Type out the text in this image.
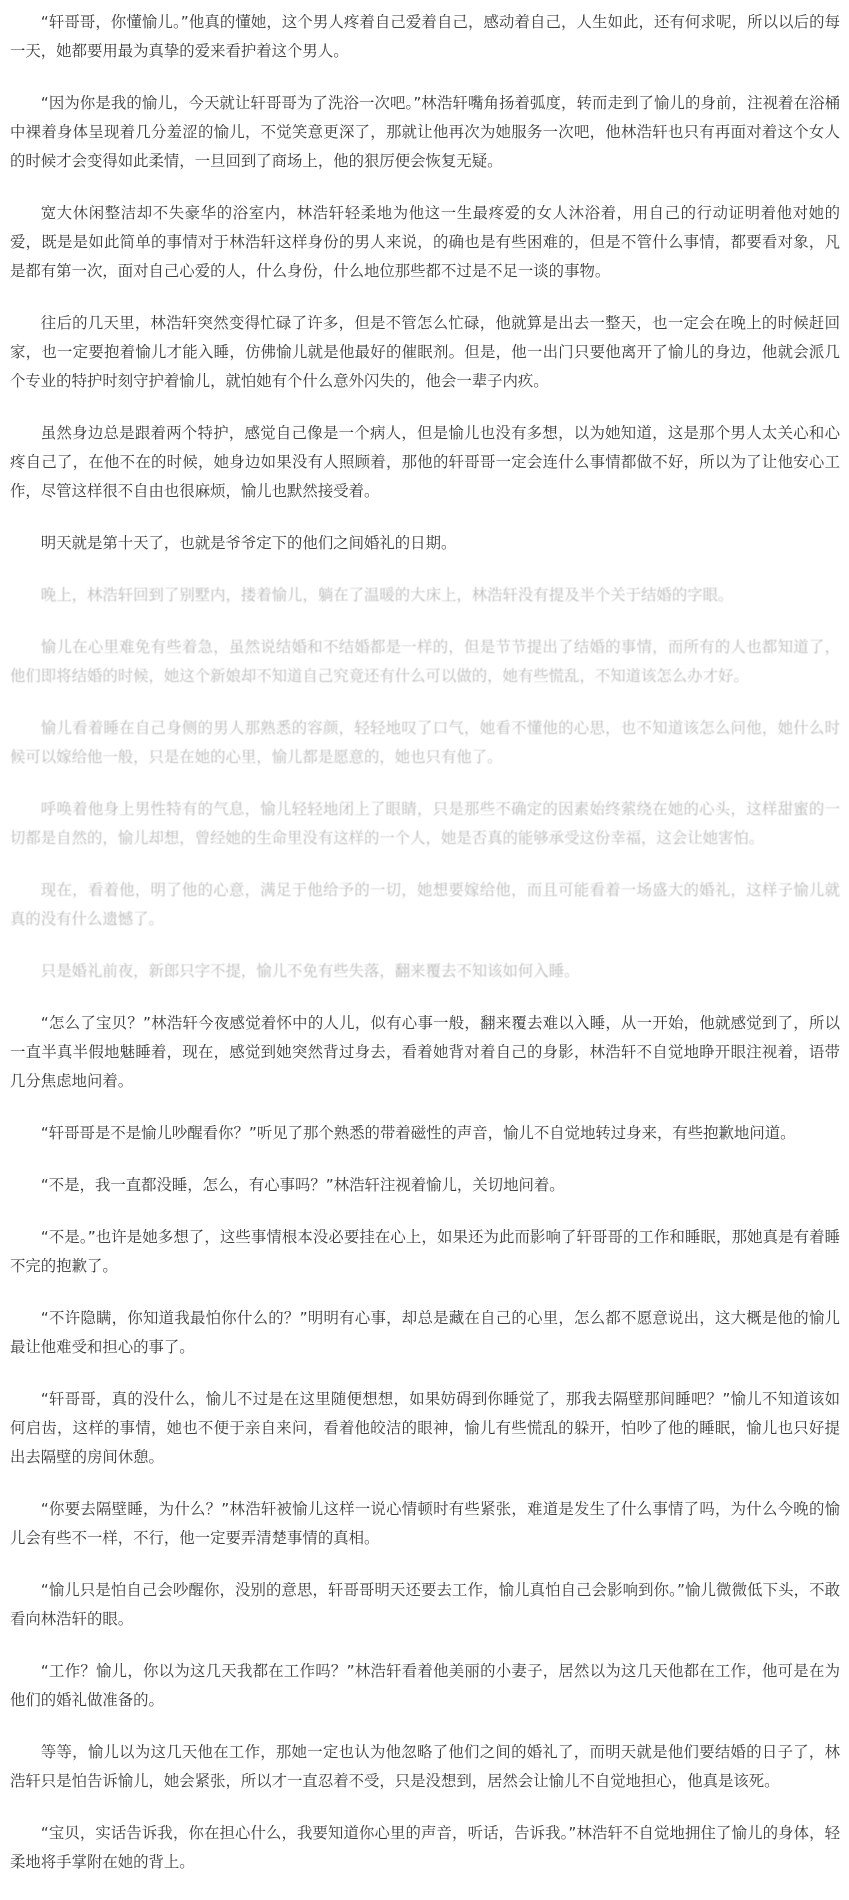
“轩哥哥，你懂愉儿。”他真的懂她，这个男人疼着自己爱着自己，感动着自己，人生如此，还有何求呢，所以以后的每一天，她都要用最为真挚的爱来看护着这个男人。

“因为你是我的愉儿，今天就让轩哥哥为了洗浴一次吧。”林浩轩嘴角扬着弧度，转而走到了愉儿的身前，注视着在浴桶中裸着身体呈现着几分羞涩的愉儿，不觉笑意更深了，那就让他再次为她服务一次吧，他林浩轩也只有再面对着这个女人的时候才会变得如此柔情，一旦回到了商场上，他的狠厉便会恢复无疑。

宽大休闲整洁却不失豪华的浴室内，林浩轩轻柔地为他这一生最疼爱的女人沐浴着，用自己的行动证明着他对她的爱，既是是如此简单的事情对于林浩轩这样身份的男人来说，的确也是有些困难的，但是不管什么事情，都要看对象，凡是都有第一次，面对自己心爱的人，什么身份，什么地位那些都不过是不足一谈的事物。

往后的几天里，林浩轩突然变得忙碌了许多，但是不管怎么忙碌，他就算是出去一整天，也一定会在晚上的时候赶回家，也一定要抱着愉儿才能入睡，仿佛愉儿就是他最好的催眠剂。但是，他一出门只要他离开了愉儿的身边，他就会派几个专业的特护时刻守护着愉儿，就怕她有个什么意外闪失的，他会一辈子内疚。

虽然身边总是跟着两个特护，感觉自己像是一个病人，但是愉儿也没有多想，以为她知道，这是那个男人太关心和心疼自己了，在他不在的时候，她身边如果没有人照顾着，那他的轩哥哥一定会连什么事情都做不好，所以为了让他安心工作，尽管这样很不自由也很麻烦，愉儿也默然接受着。

明天就是第十天了，也就是爷爷定下的他们之间婚礼的日期。

晚上，林浩轩回到了别墅内，搂着愉儿，躺在了温暖的大床上，林浩轩没有提及半个关于结婚的字眼。

愉儿在心里难免有些着急，虽然说结婚和不结婚都是一样的，但是节节提出了结婚的事情，而所有的人也都知道了，他们即将结婚的时候，她这个新娘却不知道自己究竟还有什么可以做的，她有些慌乱，不知道该怎么办才好。

愉儿看着睡在自己身侧的男人那熟悉的容颜，轻轻地叹了口气，她看不懂他的心思，也不知道该怎么问他，她什么时候可以嫁给他一般，只是在她的心里，愉儿都是愿意的，她也只有他了。

呼唤着他身上男性特有的气息，愉儿轻轻地闭上了眼睛，只是那些不确定的因素始终萦绕在她的心头，这样甜蜜的一切都是自然的，愉儿却想，曾经她的生命里没有这样的一个人，她是否真的能够承受这份幸福，这会让她害怕。

现在，看着他，明了他的心意，满足于他给予的一切，她想要嫁给他，而且可能看着一场盛大的婚礼，这样子愉儿就真的没有什么遗憾了。

只是婚礼前夜，新郎只字不提，愉儿不免有些失落，翻来覆去不知该如何入睡。

“怎么了宝贝？”林浩轩今夜感觉着怀中的人儿，似有心事一般，翻来覆去难以入睡，从一开始，他就感觉到了，所以一直半真半假地魅睡着，现在，感觉到她突然背过身去，看着她背对着自己的身影，林浩轩不自觉地睁开眼注视着，语带几分焦虑地问着。

“轩哥哥是不是愉儿吵醒看你？”听见了那个熟悉的带着磁性的声音，愉儿不自觉地转过身来，有些抱歉地问道。

“不是，我一直都没睡，怎么，有心事吗？”林浩轩注视着愉儿，关切地问着。

“不是。”也许是她多想了，这些事情根本没必要挂在心上，如果还为此而影响了轩哥哥的工作和睡眠，那她真是有着睡不完的抱歉了。

“不许隐瞒，你知道我最怕你什么的？”明明有心事，却总是藏在自己的心里，怎么都不愿意说出，这大概是他的愉儿最让他难受和担心的事了。

“轩哥哥，真的没什么，愉儿不过是在这里随便想想，如果妨碍到你睡觉了，那我去隔壁那间睡吧？”愉儿不知道该如何启齿，这样的事情，她也不便于亲自来问，看着他皎洁的眼神，愉儿有些慌乱的躲开，怕吵了他的睡眠，愉儿也只好提出去隔壁的房间休憩。

“你要去隔壁睡，为什么？”林浩轩被愉儿这样一说心情顿时有些紧张，难道是发生了什么事情了吗，为什么今晚的愉儿会有些不一样，不行，他一定要弄清楚事情的真相。

“愉儿只是怕自己会吵醒你，没别的意思，轩哥哥明天还要去工作，愉儿真怕自己会影响到你。”愉儿微微低下头，不敢看向林浩轩的眼。

“工作？愉儿，你以为这几天我都在工作吗？”林浩轩看着他美丽的小妻子，居然以为这几天他都在工作，他可是在为他们的婚礼做准备的。

等等，愉儿以为这几天他在工作，那她一定也认为他忽略了他们之间的婚礼了，而明天就是他们要结婚的日子了，林浩轩只是怕告诉愉儿，她会紧张，所以才一直忍着不受，只是没想到，居然会让愉儿不自觉地担心，他真是该死。

“宝贝，实话告诉我，你在担心什么，我要知道你心里的声音，听话，告诉我。”林浩轩不自觉地拥住了愉儿的身体，轻柔地将手掌附在她的背上。
